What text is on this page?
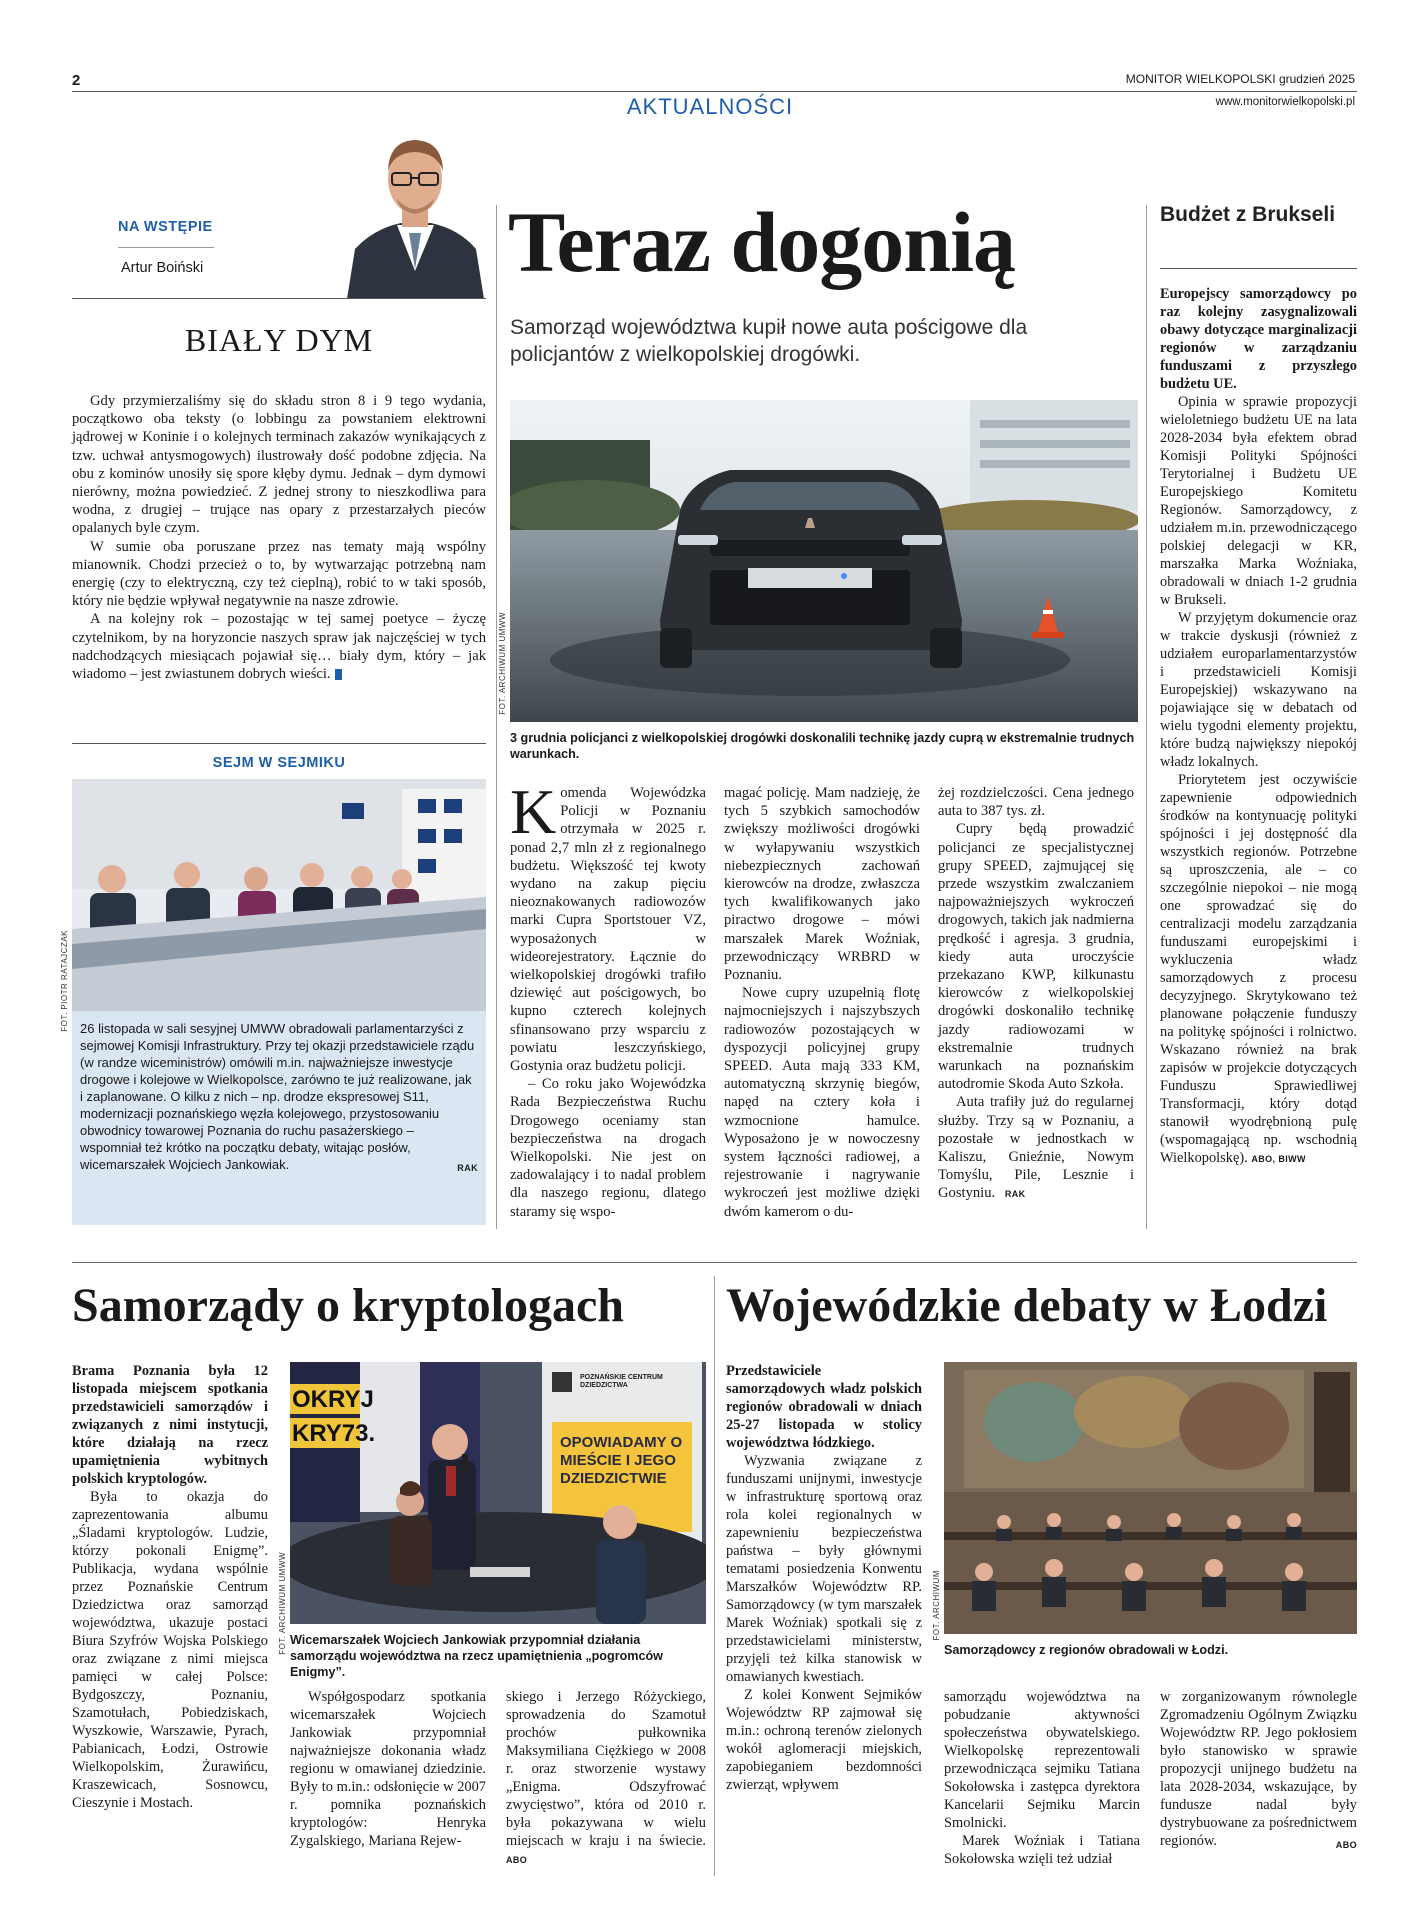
2	MONITOR WIELKOPOLSKI grudzień 2025
www.monitorwielkopolski.pl
AKTUALNOŚCI
NA WSTĘPIE
Artur Boiński
BIAŁY DYM

Gdy przymierzaliśmy się do składu stron 8 i 9 tego wydania, początkowo oba teksty (o lobbingu za powstaniem elektrowni jądrowej w Koninie i o kolejnych terminach zakazów wynikających z tzw. uchwał antysmogowych) ilustrowały dość podobne zdjęcia. Na obu z kominów unosiły się spore kłęby dymu. Jednak – dym dymowi nierówny, można powiedzieć. Z jednej strony to nieszkodliwa para wodna, z drugiej – trujące nas opary z przestarzałych pieców opalanych byle czym.

W sumie oba poruszane przez nas tematy mają wspólny mianownik. Chodzi przecież o to, by wytwarzając potrzebną nam energię (czy to elektryczną, czy też cieplną), robić to w taki sposób, który nie będzie wpływał negatywnie na nasze zdrowie.

A na kolejny rok – pozostając w tej samej poetyce – życzę czytelnikom, by na horyzoncie naszych spraw jak najczęściej w tych nadchodzących miesiącach pojawiał się… biały dym, który – jak wiadomo – jest zwiastunem dobrych wieści.

SEJM W SEJMIKU
FOT. PIOTR RATAJCZAK 26 listopada w sali sesyjnej UMWW obradowali parlamentarzyści z sejmowej Komisji Infrastruktury. Przy tej okazji przedstawiciele rządu (w randze wiceministrów) omówili m.in. najważniejsze inwestycje drogowe i kolejowe w Wielkopolsce, zarówno te już realizowane, jak i zaplanowane. O kilku z nich – np. drodze ekspresowej S11, modernizacji poznańskiego węzła kolejowego, przystosowaniu obwodnicy towarowej Poznania do ruchu pasażerskiego – wspomniał też krótko na początku debaty, witając posłów, wicemarszałek Wojciech Jankowiak.	RAK
Teraz dogonią
Samorząd województwa kupił nowe auta pościgowe dla policjantów z wielkopolskiej drogówki.
FOT. ARCHIWUM UMWW
3 grudnia policjanci z wielkopolskiej drogówki doskonalili technikę jazdy cuprą w ekstremalnie trudnych warunkach.

Komenda Wojewódzka Policji w Poznaniu otrzymała w 2025 r. ponad 2,7 mln zł z regionalnego budżetu. Większość tej kwoty wydano na zakup pięciu nieoznakowanych radiowozów marki Cupra Sportstouer VZ, wyposażonych w wideorejestratory. Łącznie do wielkopolskiej drogówki trafiło dziewięć aut pościgowych, bo kupno czterech kolejnych sfinansowano przy wsparciu z powiatu leszczyńskiego, Gostynia oraz budżetu policji.

– Co roku jako Wojewódzka Rada Bezpieczeństwa Ruchu Drogowego oceniamy stan bezpieczeństwa na drogach Wielkopolski. Nie jest on zadowalający i to nadal problem dla naszego regionu, dlatego staramy się wspo-

magać policję. Mam nadzieję, że tych 5 szybkich samochodów zwiększy możliwości drogówki w wyłapywaniu wszystkich niebezpiecznych zachowań kierowców na drodze, zwłaszcza tych kwalifikowanych jako piractwo drogowe – mówi marszałek Marek Woźniak, przewodniczący WRBRD w Poznaniu.

Nowe cupry uzupełnią flotę najmocniejszych i najszybszych radiowozów pozostających w dyspozycji policyjnej grupy SPEED. Auta mają 333 KM, automatyczną skrzynię biegów, napęd na cztery koła i wzmocnione hamulce. Wyposażono je w nowoczesny system łączności radiowej, a rejestrowanie i nagrywanie wykroczeń jest możliwe dzięki dwóm kamerom o du-

żej rozdzielczości. Cena jednego auta to 387 tys. zł.

Cupry będą prowadzić policjanci ze specjalistycznej grupy SPEED, zajmującej się przede wszystkim zwalczaniem najpoważniejszych wykroczeń drogowych, takich jak nadmierna prędkość i agresja. 3 grudnia, kiedy auta uroczyście przekazano KWP, kilkunastu kierowców z wielkopolskiej drogówki doskonaliło technikę jazdy radiowozami w ekstremalnie trudnych warunkach na poznańskim autodromie Skoda Auto Szkoła.

Auta trafiły już do regularnej służby. Trzy są w Poznaniu, a pozostałe w jednostkach w Kaliszu, Gnieźnie, Nowym Tomyślu, Pile, Lesznie i Gostyniu. RAK

Budżet z Brukseli

Europejscy samorządowcy po raz kolejny zasygnalizowali obawy dotyczące marginalizacji regionów w zarządzaniu funduszami z przyszłego budżetu UE.

Opinia w sprawie propozycji wieloletniego budżetu UE na lata 2028-2034 była efektem obrad Komisji Polityki Spójności Terytorialnej i Budżetu UE Europejskiego Komitetu Regionów. Samorządowcy, z udziałem m.in. przewodniczącego polskiej delegacji w KR, marszałka Marka Woźniaka, obradowali w dniach 1-2 grudnia w Brukseli.

W przyjętym dokumencie oraz w trakcie dyskusji (również z udziałem europarlamentarzystów i przedstawicieli Komisji Europejskiej) wskazywano na pojawiające się w debatach od wielu tygodni elementy projektu, które budzą największy niepokój władz lokalnych.

Priorytetem jest oczywiście zapewnienie odpowiednich środków na kontynuację polityki spójności i jej dostępność dla wszystkich regionów. Potrzebne są uproszczenia, ale – co szczególnie niepokoi – nie mogą one sprowadzać się do centralizacji modelu zarządzania funduszami europejskimi i wykluczenia władz samorządowych z procesu decyzyjnego. Skrytykowano też planowane połączenie funduszy na politykę spójności i rolnictwo. Wskazano również na brak zapisów w projekcie dotyczących Funduszu Sprawiedliwej Transformacji, który dotąd stanowił wyodrębnioną pulę (wspomagającą np. wschodnią Wielkopolskę). ABO, BIWW

Samorządy o kryptologach

Brama Poznania była 12 listopada miejscem spotkania przedstawicieli samorządów i związanych z nimi instytucji, które działają na rzecz upamiętnienia wybitnych polskich kryptologów.

Była to okazja do zaprezentowania albumu „Śladami kryptologów. Ludzie, którzy pokonali Enigmę”. Publikacja, wydana wspólnie przez Poznańskie Centrum Dziedzictwa oraz samorząd województwa, ukazuje postaci Biura Szyfrów Wojska Polskiego oraz związane z nimi miejsca pamięci w całej Polsce: Bydgoszczy, Poznaniu, Szamotułach, Pobiedziskach, Wyszkowie, Warszawie, Pyrach, Pabianicach, Łodzi, Ostrowie Wielkopolskim, Żurawińcu, Kraszewicach, Sosnowcu, Cieszynie i Mostach.

OKRYJ
KRY73.
POZNAŃSKIE CENTRUM DZIEDZICTWA
OPOWIADAMY O MIEŚCIE I JEGO DZIEDZICTWIE
FOT. ARCHIWUM UMWW Wicemarszałek Wojciech Jankowiak przypomniał działania samorządu województwa na rzecz upamiętnienia „pogromców Enigmy”.

Współgospodarz spotkania wicemarszałek Wojciech Jankowiak przypomniał najważniejsze dokonania władz regionu w omawianej dziedzinie. Były to m.in.: odsłonięcie w 2007 r. pomnika poznańskich kryptologów: Henryka Zygalskiego, Mariana Rejew-

skiego i Jerzego Różyckiego, sprowadzenia do Szamotuł prochów pułkownika Maksymiliana Ciężkiego w 2008 r. oraz stworzenie wystawy „Enigma. Odszyfrować zwycięstwo”, która od 2010 r. była pokazywana w wielu miejscach w kraju i na świecie. ABO

Wojewódzkie debaty w Łodzi

Przedstawiciele samorządowych władz polskich regionów obradowali w dniach 25-27 listopada w stolicy województwa łódzkiego.

Wyzwania związane z funduszami unijnymi, inwestycje w infrastrukturę sportową oraz rola kolei regionalnych w zapewnieniu bezpieczeństwa państwa – były głównymi tematami posiedzenia Konwentu Marszałków Województw RP. Samorządowcy (w tym marszałek Marek Woźniak) spotkali się z przedstawicielami ministerstw, przyjęli też kilka stanowisk w omawianych kwestiach.

Z kolei Konwent Sejmików Województw RP zajmował się m.in.: ochroną terenów zielonych wokół aglomeracji miejskich, zapobieganiem bezdomności zwierząt, wpływem

FOT. ARCHIWUM
Samorządowcy z regionów obradowali w Łodzi.

samorządu województwa na pobudzanie aktywności społeczeństwa obywatelskiego. Wielkopolskę reprezentowali przewodnicząca sejmiku Tatiana Sokołowska i zastępca dyrektora Kancelarii Sejmiku Marcin Smolnicki.

Marek Woźniak i Tatiana Sokołowska wzięli też udział

w zorganizowanym równolegle Zgromadzeniu Ogólnym Związku Województw RP. Jego pokłosiem było stanowisko w sprawie propozycji unijnego budżetu na lata 2028-2034, wskazujące, by fundusze nadal były dystrybuowane za pośrednictwem regionów.	ABO
